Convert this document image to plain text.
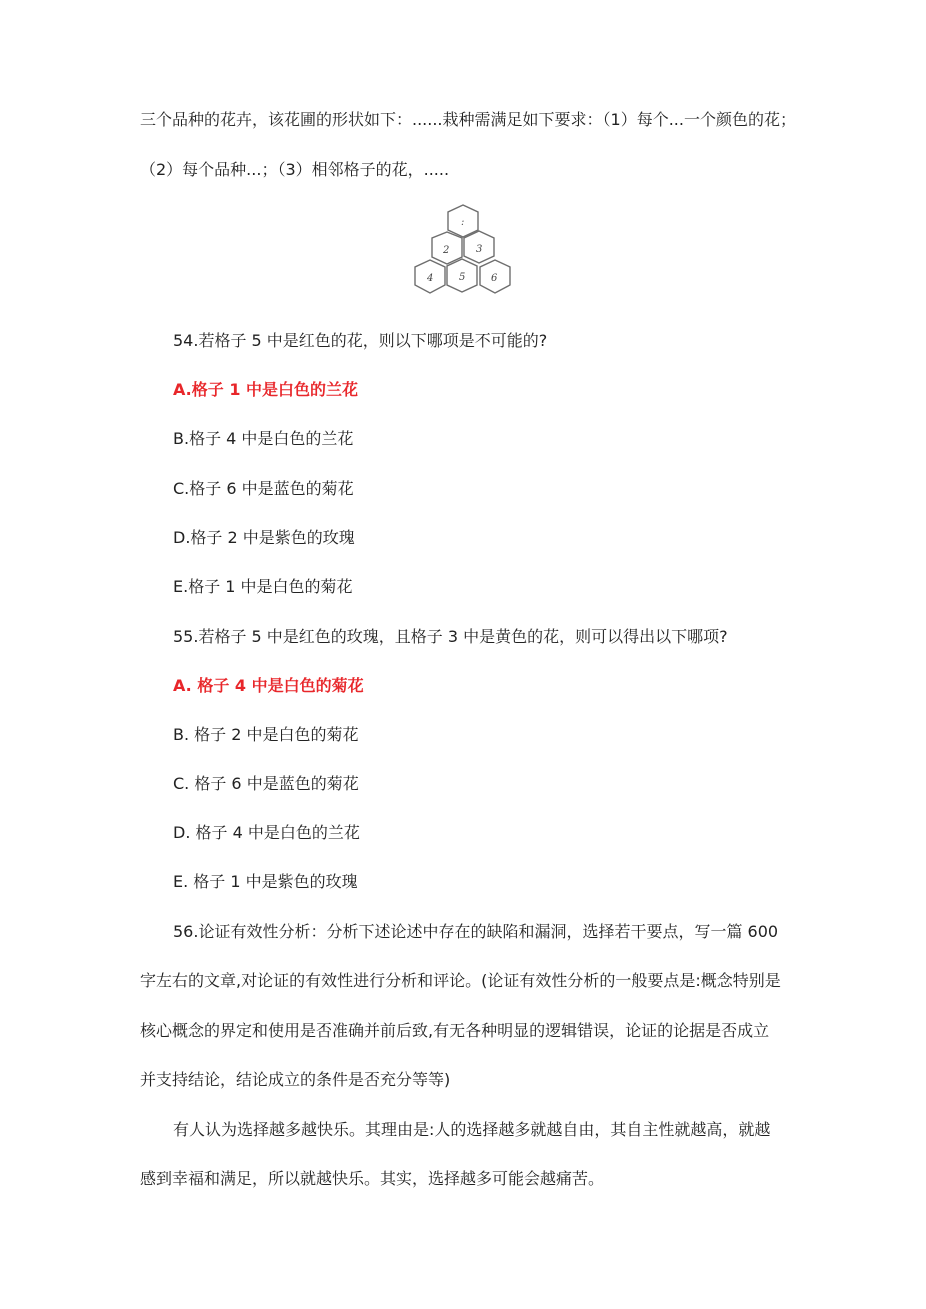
三个品种的花卉，该花圃的形状如下：......栽种需满足如下要求：（1）每个...一个颜色的花；
（2）每个品种...；（3）相邻格子的花，.....
:
2	3
4	5	6
54.若格子 5 中是红色的花，则以下哪项是不可能的?
A.格子 1 中是白色的兰花
B.格子 4 中是白色的兰花
C.格子 6 中是蓝色的菊花
D.格子 2 中是紫色的玫瑰
E.格子 1 中是白色的菊花
55.若格子 5 中是红色的玫瑰，且格子 3 中是黄色的花，则可以得出以下哪项?
A. 格子 4 中是白色的菊花
B. 格子 2 中是白色的菊花
C. 格子 6 中是蓝色的菊花
D. 格子 4 中是白色的兰花
E. 格子 1 中是紫色的玫瑰
56.论证有效性分析：分析下述论述中存在的缺陷和漏洞，选择若干要点，写一篇 600
字左右的文章,对论证的有效性进行分析和评论。(论证有效性分析的一般要点是:概念特别是
核心概念的界定和使用是否准确并前后致,有无各种明显的逻辑错误，论证的论据是否成立
并支持结论，结论成立的条件是否充分等等)
有人认为选择越多越快乐。其理由是:人的选择越多就越自由，其自主性就越高，就越
感到幸福和满足，所以就越快乐。其实，选择越多可能会越痛苦。
